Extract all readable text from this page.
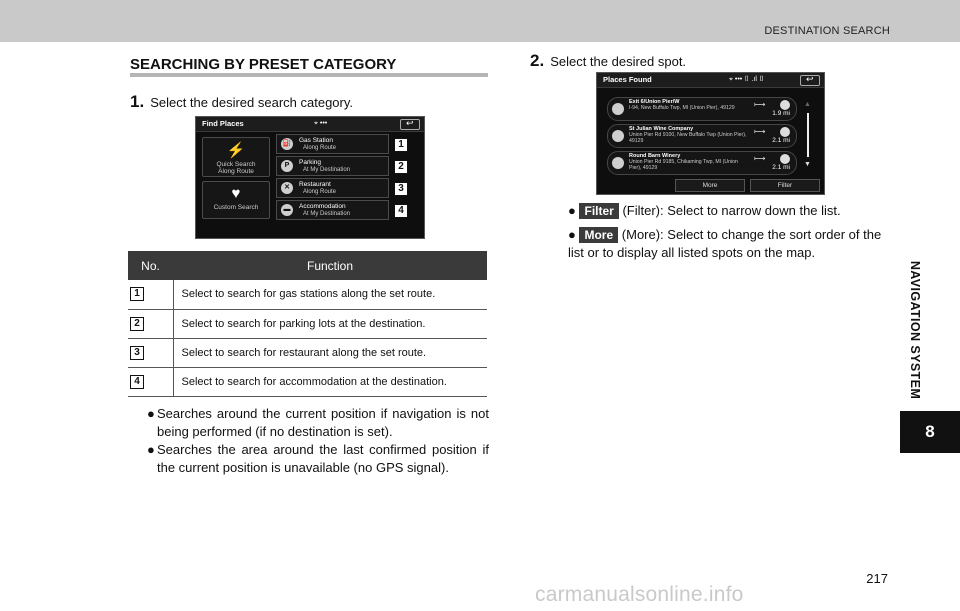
DESTINATION SEARCH
NAVIGATION SYSTEM
8
SEARCHING BY PRESET CATEGORY
1. Select the desired search category.
Find Places	⌖ •••
↩
⚡
Quick Search
Along Route
♥
Custom Search
⛽ Gas Station
Along Route
P	Parking
At My Destination
✕	Restaurant
Along Route
▬	Accommodation
At My Destination
1
2
3
4
No.	Function
1	Select to search for gas stations along the set route.
2	Select to search for parking lots at the destination.
3	Select to search for restaurant along the set route.
4	Select to search for accommodation at the destination.
● Searches around the current position if navigation is not being performed (if no destination is set).
● Searches the area around the last confirmed position if the current position is unavailable (no GPS signal).
2. Select the desired spot.
Places Found	⌖ ••• ▯ .ıl ▯
↩
Exit 6/Union Pier/W
I-94, New Buffalo Twp, MI (Union Pier), 49129	⟼
1.9 mi
St Julian Wine Company
Union Pier Rd 9100, New Buffalo Twp (Union Pier), 49129
⟼
2.1 mi
Round Barn Winery
Union Pier Rd 9185, Chikaming Twp, MI (Union Pier), 49129
⟼
2.1 mi
▲
▼
More	Filter
● Filter (Filter): Select to narrow down the list.
● More (More): Select to change the sort order of the list or to display all listed spots on the map.
217
carmanualsonline.info
